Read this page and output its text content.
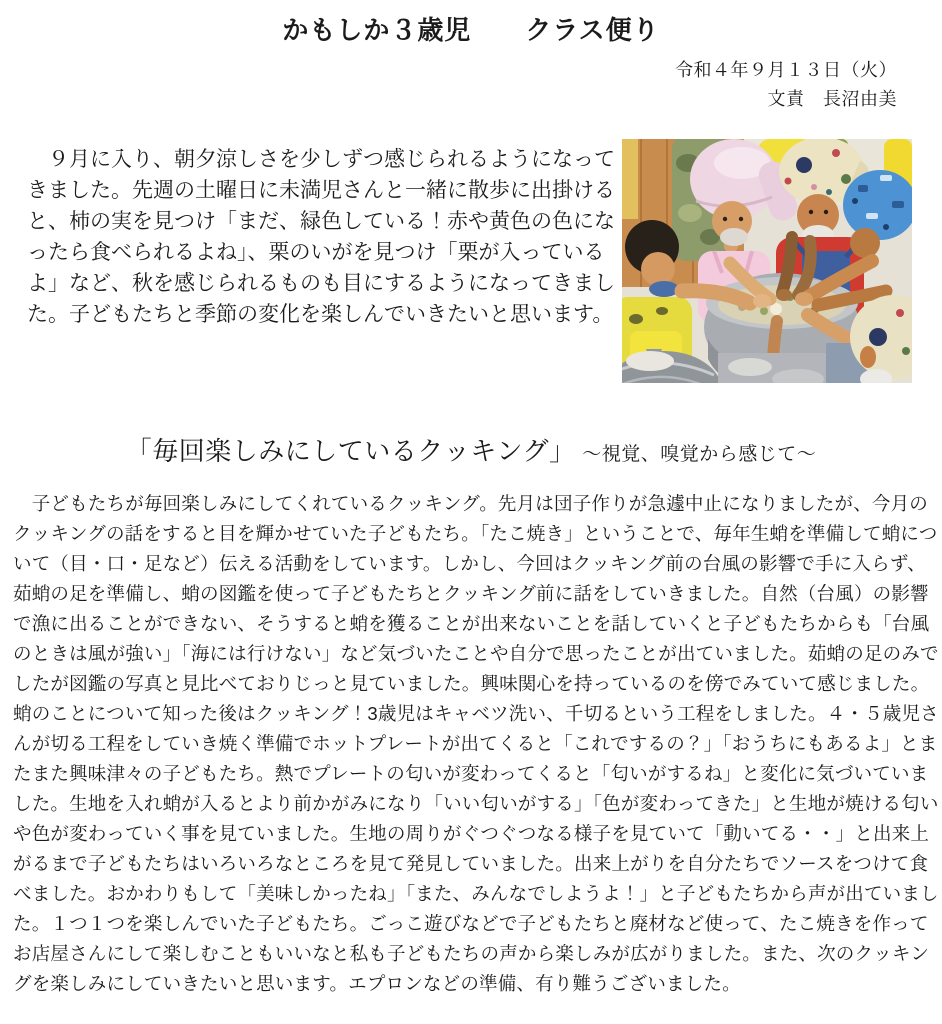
かもしか３歳児　　クラス便り
令和４年９月１３日（火）
文責　長沼由美
　９月に入り、朝夕涼しさを少しずつ感じられるようになって
きました。先週の土曜日に未満児さんと一緒に散歩に出掛ける
と、柿の実を見つけ「まだ、緑色している！赤や黄色の色にな
ったら食べられるよね」、栗のいがを見つけ「栗が入っている
よ」など、秋を感じられるものも目にするようになってきまし
た。子どもたちと季節の変化を楽しんでいきたいと思います。
「毎回楽しみにしているクッキング」 ～視覚、嗅覚から感じて～
　子どもたちが毎回楽しみにしてくれているクッキング。先月は団子作りが急遽中止になりましたが、今月の
クッキングの話をすると目を輝かせていた子どもたち。「たこ焼き」ということで、毎年生蛸を準備して蛸につ
いて（目・口・足など）伝える活動をしています。しかし、今回はクッキング前の台風の影響で手に入らず、
茹蛸の足を準備し、蛸の図鑑を使って子どもたちとクッキング前に話をしていきました。自然（台風）の影響
で漁に出ることができない、そうすると蛸を獲ることが出来ないことを話していくと子どもたちからも「台風
のときは風が強い」「海には行けない」など気づいたことや自分で思ったことが出ていました。茹蛸の足のみで
したが図鑑の写真と見比べておりじっと見ていました。興味関心を持っているのを傍でみていて感じました。
蛸のことについて知った後はクッキング！3歳児はキャベツ洗い、千切るという工程をしました。４・５歳児さ
んが切る工程をしていき焼く準備でホットプレートが出てくると「これでするの？」「おうちにもあるよ」とま
たまた興味津々の子どもたち。熱でプレートの匂いが変わってくると「匂いがするね」と変化に気づいていま
した。生地を入れ蛸が入るとより前かがみになり「いい匂いがする」「色が変わってきた」と生地が焼ける匂い
や色が変わっていく事を見ていました。生地の周りがぐつぐつなる様子を見ていて「動いてる・・」と出来上
がるまで子どもたちはいろいろなところを見て発見していました。出来上がりを自分たちでソースをつけて食
べました。おかわりもして「美味しかったね」「また、みんなでしようよ！」と子どもたちから声が出ていまし
た。１つ１つを楽しんでいた子どもたち。ごっこ遊びなどで子どもたちと廃材など使って、たこ焼きを作って
お店屋さんにして楽しむこともいいなと私も子どもたちの声から楽しみが広がりました。また、次のクッキン
グを楽しみにしていきたいと思います。エプロンなどの準備、有り難うございました。
